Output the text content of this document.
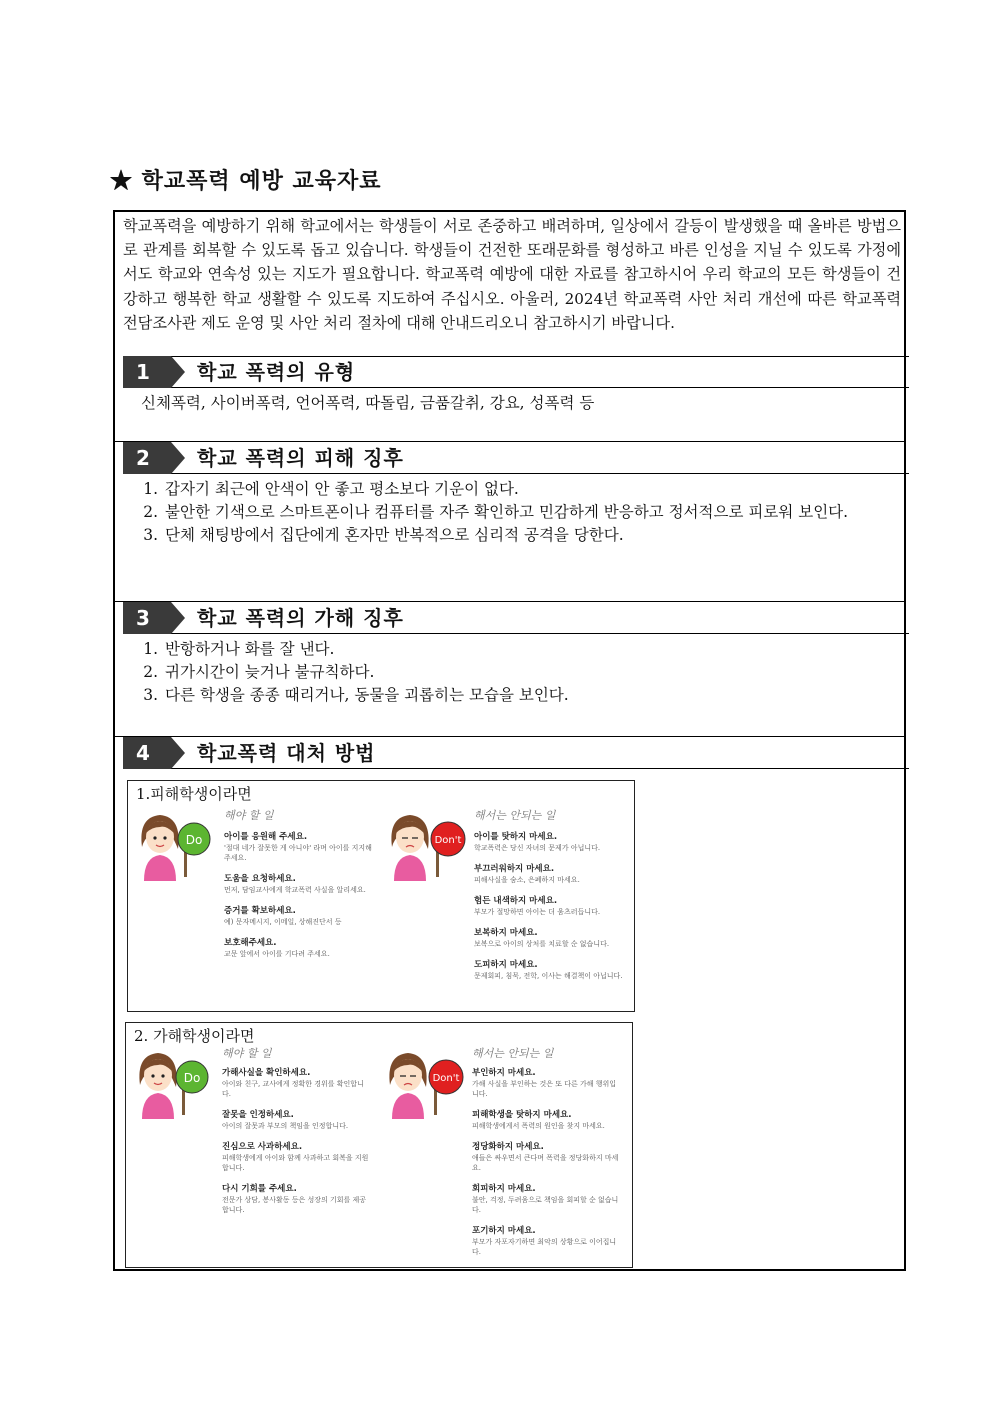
★ 학교폭력 예방 교육자료
학교폭력을 예방하기 위해 학교에서는 학생들이 서로 존중하고 배려하며, 일상에서 갈등이 발생했을 때 올바른 방법으로 관계를 회복할 수 있도록 돕고 있습니다. 학생들이 건전한 또래문화를 형성하고 바른 인성을 지닐 수 있도록 가정에서도 학교와 연속성 있는 지도가 필요합니다. 학교폭력 예방에 대한 자료를 참고하시어 우리 학교의 모든 학생들이 건강하고 행복한 학교 생활할 수 있도록 지도하여 주십시오. 아울러, 2024년 학교폭력 사안 처리 개선에 따른 학교폭력전담조사관 제도 운영 및 사안 처리 절차에 대해 안내드리오니 참고하시기 바랍니다.
1	학교 폭력의 유형
신체폭력, 사이버폭력, 언어폭력, 따돌림, 금품갈취, 강요, 성폭력 등
2	학교 폭력의 피해 징후
1. 갑자기 최근에 안색이 안 좋고 평소보다 기운이 없다.
2. 불안한 기색으로 스마트폰이나 컴퓨터를 자주 확인하고 민감하게 반응하고 정서적으로 피로워 보인다.
3. 단체 채팅방에서 집단에게 혼자만 반복적으로 심리적 공격을 당한다.
3	학교 폭력의 가해 징후
1. 반항하거나 화를 잘 낸다.
2. 귀가시간이 늦거나 불규칙하다.
3. 다른 학생을 종종 때리거나, 동물을 괴롭히는 모습을 보인다.
4	학교폭력 대처 방법
1.피해학생이라면
Do
해야 할 일
아이를 응원해 주세요.
'절대 네가 잘못한 게 아니야' 라며 아이를 지지해 주세요.
도움을 요청하세요.
먼저, 담임교사에게 학교폭력 사실을 알리세요.
증거를 확보하세요.
예) 문자메시지, 이메일, 상해진단서 등
보호해주세요.
교문 앞에서 아이를 기다려 주세요.
Don't
해서는 안되는 일
아이를 탓하지 마세요.
학교폭력은 당신 자녀의 문제가 아닙니다.
부끄러워하지 마세요.
피해사실을 숨소, 은폐하지 마세요.
험든 내색하지 마세요.
부모가 절망하면 아이는 더 움츠러듭니다.
보복하지 마세요.
보복으로 아이의 상처를 치료할 순 없습니다.
도피하지 마세요.
문제회피, 침묵, 전학, 이사는 해결책이 아닙니다.
2. 가해학생이라면
Do
해야 할 일
가해사실을 확인하세요.
아이와 친구, 교사에게 정확한 경위를 확인합니다.
잘못을 인정하세요.
아이의 잘못과 부모의 책임을 인정합니다.
진심으로 사과하세요.
피해학생에게 아이와 함께 사과하고 회복을 지원합니다.
다시 기회를 주세요.
전문가 상담, 봉사활동 등은 성장의 기회를 제공합니다.
Don't
해서는 안되는 일
부인하지 마세요.
가해 사실을 부인하는 것은 또 다른 가해 행위입니다.
피해학생을 탓하지 마세요.
피해학생에게서 폭력의 원인을 찾지 마세요.
정당화하지 마세요.
애들은 싸우면서 큰다며 폭력을 정당화하지 마세요.
회피하지 마세요.
불안, 걱정, 두려움으로 책임을 회피할 순 없습니다.
포기하지 마세요.
부모가 자포자기하면 최악의 상황으로 이어집니다.
